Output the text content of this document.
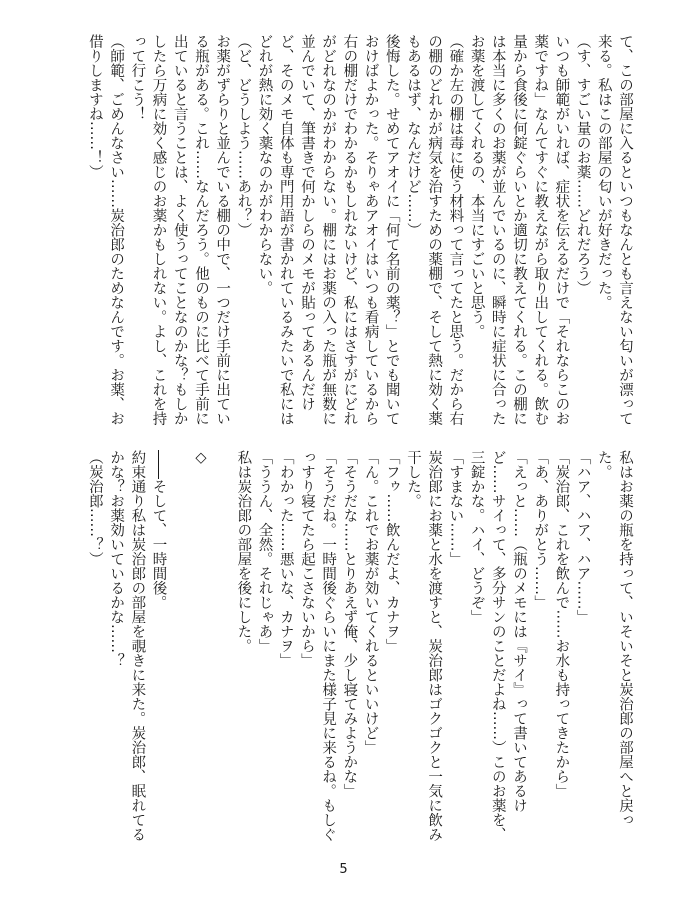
て、この部屋に入るといつもなんとも言えない匂いが漂って来る。私はこの部屋の匂いが好きだった。

（す、すごい量のお薬……どれだろう）

いつも師範がいれば、症状を伝えるだけで「それならこのお薬ですね」なんてすぐに教えながら取り出してくれる。飲む量から食後に何錠ぐらいとか適切に教えてくれる。この棚には本当に多くのお薬が並んでいるのに、瞬時に症状に合ったお薬を渡してくれるの、本当にすごいと思う。

（確か左の棚は毒に使う材料って言ってたと思う。だから右の棚のどれかが病気を治すための薬棚で、そして熱に効く薬もあるはず、なんだけど……）

後悔した。せめてアオイに「何て名前の薬？」とでも聞いておけばよかった。そりゃあアオイはいつも看病しているから右の棚だけでわかるかもしれないけど、私にはさすがにどれがどれなのかがわからない。棚にはお薬の入った瓶が無数に並んでいて、筆書きで何かしらのメモが貼ってあるんだけど、そのメモ自体も専門用語が書かれているみたいで私にはどれが熱に効く薬なのかがわからない。

（ど、どうしよう……あれ？）

お薬がずらりと並んでいる棚の中で、一つだけ手前に出ている瓶がある。これ……なんだろう。他のものに比べて手前に出ていると言うことは、よく使うってことなのかな？もしかしたら万病に効く感じのお薬かもしれない。よし、これを持って行こう！

（師範、ごめんなさい……炭治郎のためなんです。お薬、お借りしますね……！）

私はお薬の瓶を持って、いそいそと炭治郎の部屋へと戻った。

「ハア、ハア、ハア……」

「炭治郎、これを飲んで……お水も持ってきたから」

「あ、ありがとう……」

「えっと……（瓶のメモには『サイ』って書いてあるけど……サイって、多分サンのことだよね……）このお薬を、三錠かな。ハイ、どうぞ」

「すまない……」

炭治郎にお薬と水を渡すと、炭治郎はゴクゴクと一気に飲み干した。

「フゥ……飲んだよ、カナヲ」

「ん。これでお薬が効いてくれるといいけど」

「そうだな……とりあえず俺、少し寝てみようかな」

「そうだね。一時間後ぐらいにまた様子見に来るね。もしぐっすり寝てたら起こさないから」

「わかった……悪いな、カナヲ」

「ううん、全然。それじゃあ」

私は炭治郎の部屋を後にした。

◇

――そして、一時間後。

約束通り私は炭治郎の部屋を覗きに来た。炭治郎、眠れてるかな？お薬効いているかな……？

（炭治郎……？）

5
